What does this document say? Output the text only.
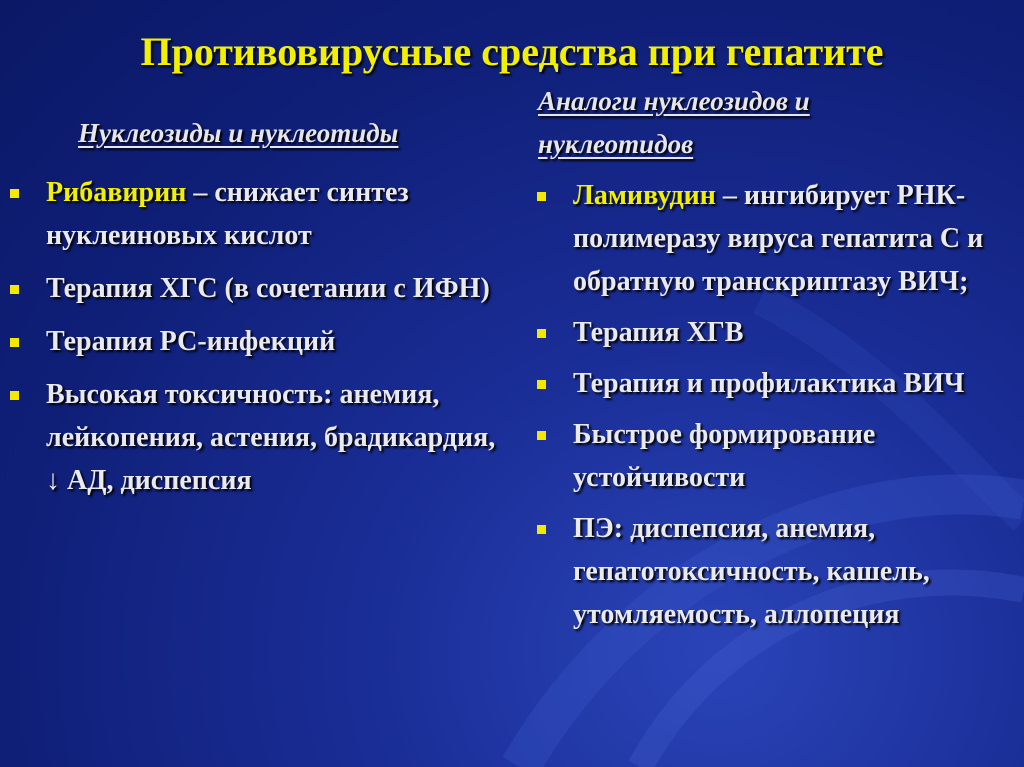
Противовирусные средства при гепатите
Нуклеозиды и нуклеотиды
Аналоги нуклеозидов и нуклеотидов
Рибавирин – снижает синтез нуклеиновых кислот
Терапия ХГС (в сочетании с ИФН)
Терапия РС-инфекций
Высокая токсичность: анемия, лейкопения, астения, брадикардия, ↓ АД, диспепсия
Ламивудин – ингибирует РНК-полимеразу вируса гепатита С и обратную транскриптазу ВИЧ;
Терапия ХГВ
Терапия и профилактика ВИЧ
Быстрое формирование устойчивости
ПЭ: диспепсия, анемия, гепатотоксичность, кашель, утомляемость, аллопеция
